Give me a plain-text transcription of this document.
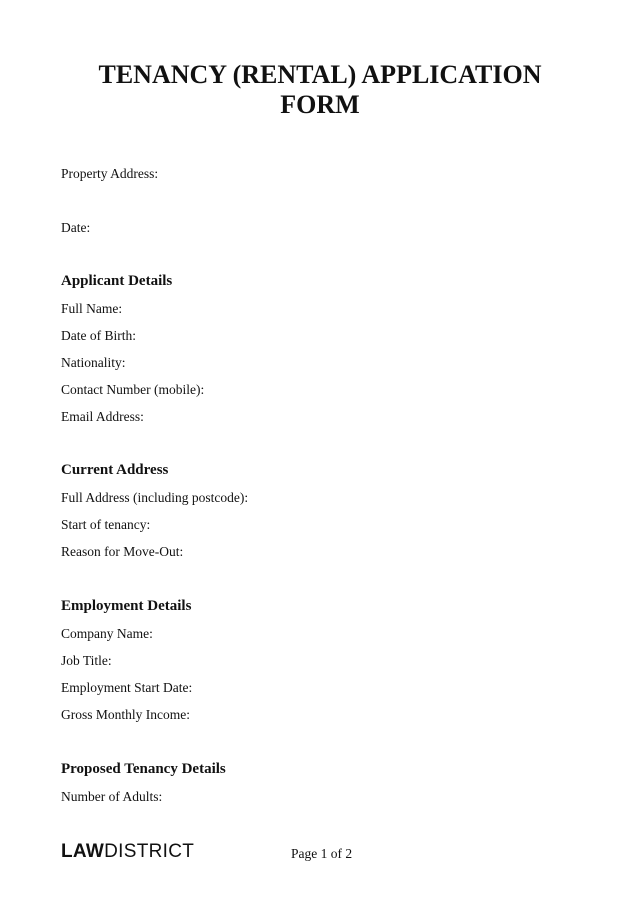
TENANCY (RENTAL) APPLICATION
FORM

Property Address:

Date:

Applicant Details

Full Name:

Date of Birth:

Nationality:

Contact Number (mobile):

Email Address:

Current Address

Full Address (including postcode):

Start of tenancy:

Reason for Move-Out:

Employment Details

Company Name:

Job Title:

Employment Start Date:

Gross Monthly Income:

Proposed Tenancy Details

Number of Adults:

LAWDISTRICT	Page 1 of 2
